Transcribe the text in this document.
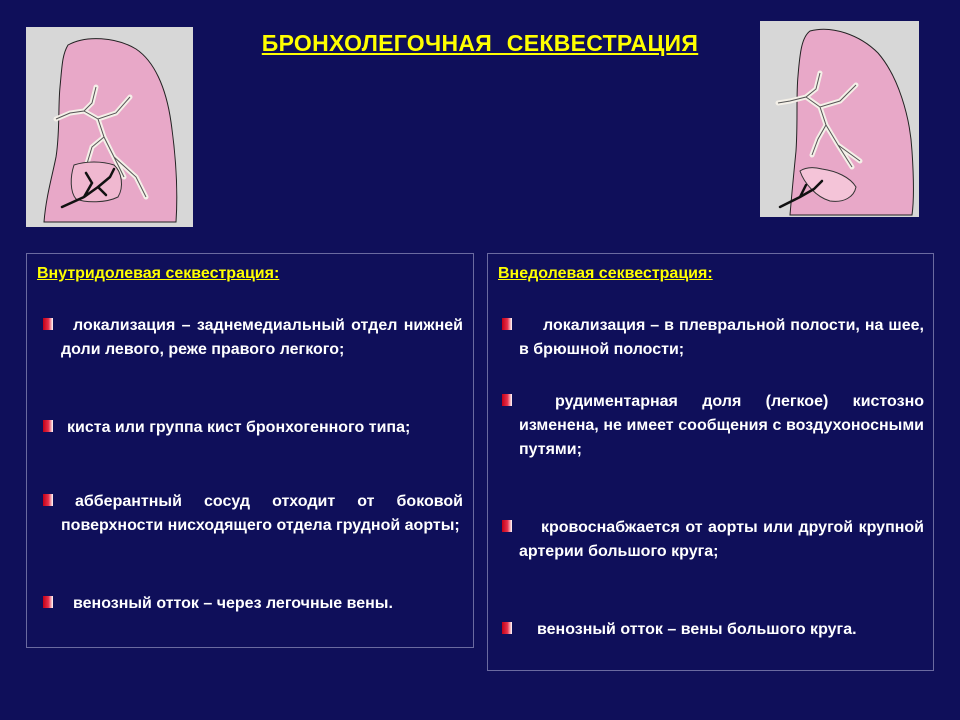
БРОНХОЛЕГОЧНАЯ СЕКВЕСТРАЦИЯ
Внутридолевая секвестрация:
локализация – заднемедиальный отдел нижней доли левого, реже правого легкого;
киста или группа кист бронхогенного типа;
абберантный сосуд отходит от боковой поверхности нисходящего отдела грудной аорты;
венозный отток – через легочные вены.
Внедолевая секвестрация:
локализация – в плевральной полости, на шее, в брюшной полости;
рудиментарная доля (легкое) кистозно изменена, не имеет сообщения с воздухоносными путями;
кровоснабжается от аорты или другой крупной артерии большого круга;
венозный отток – вены большого круга.
